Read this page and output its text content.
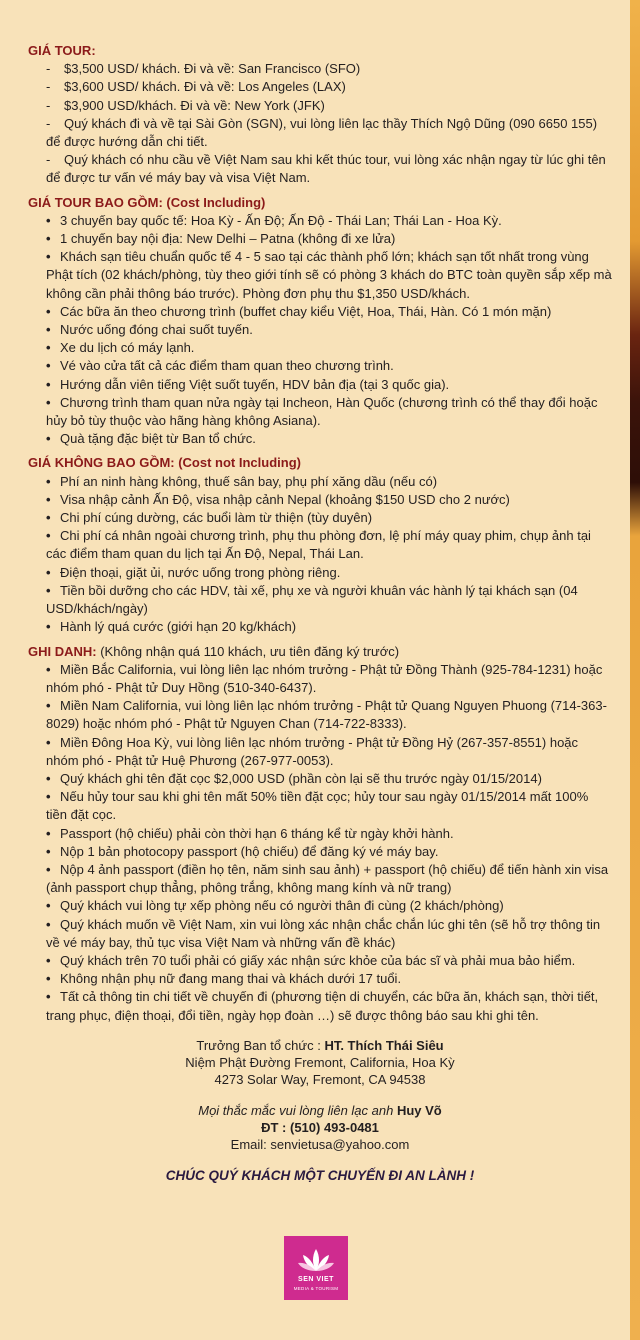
GIÁ TOUR:

- $3,500 USD/ khách. Đi và về: San Francisco (SFO)
- $3,600 USD/ khách. Đi và về: Los Angeles (LAX)
- $3,900 USD/khách. Đi và về: New York (JFK)
- Quý khách đi và về tại Sài Gòn (SGN), vui lòng liên lạc thầy Thích Ngộ Dũng (090 6650 155) để được hướng dẫn chi tiết.
- Quý khách có nhu cầu về Việt Nam sau khi kết thúc tour, vui lòng xác nhận ngay từ lúc ghi tên để được tư vấn vé máy bay và visa Việt Nam.

GIÁ TOUR BAO GỒM: (Cost Including)

• 3 chuyến bay quốc tế: Hoa Kỳ - Ấn Độ; Ấn Độ - Thái Lan; Thái Lan - Hoa Kỳ.
• 1 chuyến bay nội địa: New Delhi – Patna (không đi xe lửa)
• Khách sạn tiêu chuẩn quốc tế 4 - 5 sao tại các thành phố lớn; khách sạn tốt nhất trong vùng Phật tích (02 khách/phòng, tùy theo giới tính sẽ có phòng 3 khách do BTC toàn quyền sắp xếp mà không cần phải thông báo trước). Phòng đơn phụ thu $1,350 USD/khách.
• Các bữa ăn theo chương trình (buffet chay kiểu Việt, Hoa, Thái, Hàn. Có 1 món mặn)
• Nước uống đóng chai suốt tuyến.
• Xe du lịch có máy lạnh.
• Vé vào cửa tất cả các điểm tham quan theo chương trình.
• Hướng dẫn viên tiếng Việt suốt tuyến, HDV bản địa (tại 3 quốc gia).
• Chương trình tham quan nửa ngày tại Incheon, Hàn Quốc (chương trình có thể thay đổi hoặc hủy bỏ tùy thuộc vào hãng hàng không Asiana).
• Quà tặng đặc biệt từ Ban tổ chức.

GIÁ KHÔNG BAO GỒM: (Cost not Including)

• Phí an ninh hàng không, thuế sân bay, phụ phí xăng dầu (nếu có)
• Visa nhập cảnh Ấn Độ, visa nhập cảnh Nepal (khoảng $150 USD cho 2 nước)
• Chi phí cúng dường, các buổi làm từ thiện (tùy duyên)
• Chi phí cá nhân ngoài chương trình, phụ thu phòng đơn, lệ phí máy quay phim, chụp ảnh tại các điểm tham quan du lịch tại Ấn Độ, Nepal, Thái Lan.
• Điện thoại, giặt ủi, nước uống trong phòng riêng.
• Tiền bồi dưỡng cho các HDV, tài xế, phụ xe và người khuân vác hành lý tại khách sạn (04 USD/khách/ngày)
• Hành lý quá cước (giới hạn 20 kg/khách)

GHI DANH: (Không nhận quá 110 khách, ưu tiên đăng ký trước)

• Miền Bắc California, vui lòng liên lạc nhóm trưởng - Phật tử Đồng Thành (925-784-1231) hoặc nhóm phó - Phật tử Duy Hồng (510-340-6437).
• Miền Nam California, vui lòng liên lạc nhóm trưởng - Phật tử Quang Nguyen Phuong (714-363-8029) hoặc nhóm phó - Phật tử Nguyen Chan (714-722-8333).
• Miền Đông Hoa Kỳ, vui lòng liên lạc nhóm trưởng - Phật tử Đồng Hỷ (267-357-8551) hoặc nhóm phó - Phật tử Huệ Phương (267-977-0053).
• Quý khách ghi tên đặt cọc $2,000 USD (phần còn lại sẽ thu trước ngày 01/15/2014)
• Nếu hủy tour sau khi ghi tên mất 50% tiền đặt cọc; hủy tour sau ngày 01/15/2014 mất 100% tiền đặt cọc.
• Passport (hộ chiếu) phải còn thời hạn 6 tháng kể từ ngày khởi hành.
• Nộp 1 bản photocopy passport (hộ chiếu) để đăng ký vé máy bay.
• Nộp 4 ảnh passport (điền họ tên, năm sinh sau ảnh) + passport (hộ chiếu) để tiến hành xin visa (ảnh passport chụp thẳng, phông trắng, không mang kính và nữ trang)
• Quý khách vui lòng tự xếp phòng nếu có người thân đi cùng (2 khách/phòng)
• Quý khách muốn về Việt Nam, xin vui lòng xác nhận chắc chắn lúc ghi tên (sẽ hỗ trợ thông tin về vé máy bay, thủ tục visa Việt Nam và những vấn đề khác)
• Quý khách trên 70 tuổi phải có giấy xác nhận sức khỏe của bác sĩ và phải mua bảo hiểm.
• Không nhận phụ nữ đang mang thai và khách dưới 17 tuổi.
• Tất cả thông tin chi tiết về chuyến đi (phương tiện di chuyển, các bữa ăn, khách sạn, thời tiết, trang phục, điện thoại, đổi tiền, ngày họp đoàn …) sẽ được thông báo sau khi ghi tên.
Trưởng Ban tổ chức : HT. Thích Thái Siêu
Niệm Phật Đường Fremont, California, Hoa Kỳ
4273 Solar Way, Fremont, CA 94538
Mọi thắc mắc vui lòng liên lạc anh Huy Võ
ĐT : (510) 493-0481
Email: senvietusa@yahoo.com
CHÚC QUÝ KHÁCH MỘT CHUYẾN ĐI AN LÀNH !
SEN VIET
MEDIA & TOURISM
